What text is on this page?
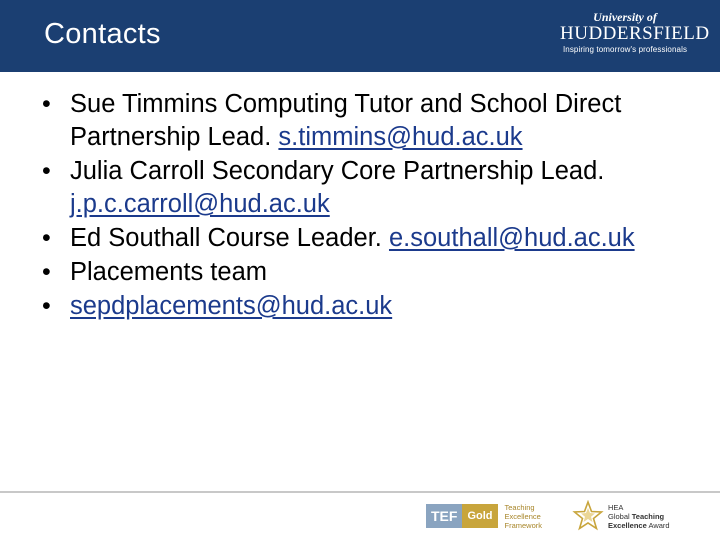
Contacts
University of
HUDDERSFIELD
Inspiring tomorrow's professionals
• Sue Timmins Computing Tutor and School Direct Partnership Lead. s.timmins@hud.ac.uk
• Julia Carroll Secondary Core Partnership Lead. j.p.c.carroll@hud.ac.uk
• Ed Southall Course Leader. e.southall@hud.ac.uk
• Placements team
• sepdplacements@hud.ac.uk
TEF Gold
Teaching
Excellence
Framework
HEA
Global Teaching
Excellence Award
